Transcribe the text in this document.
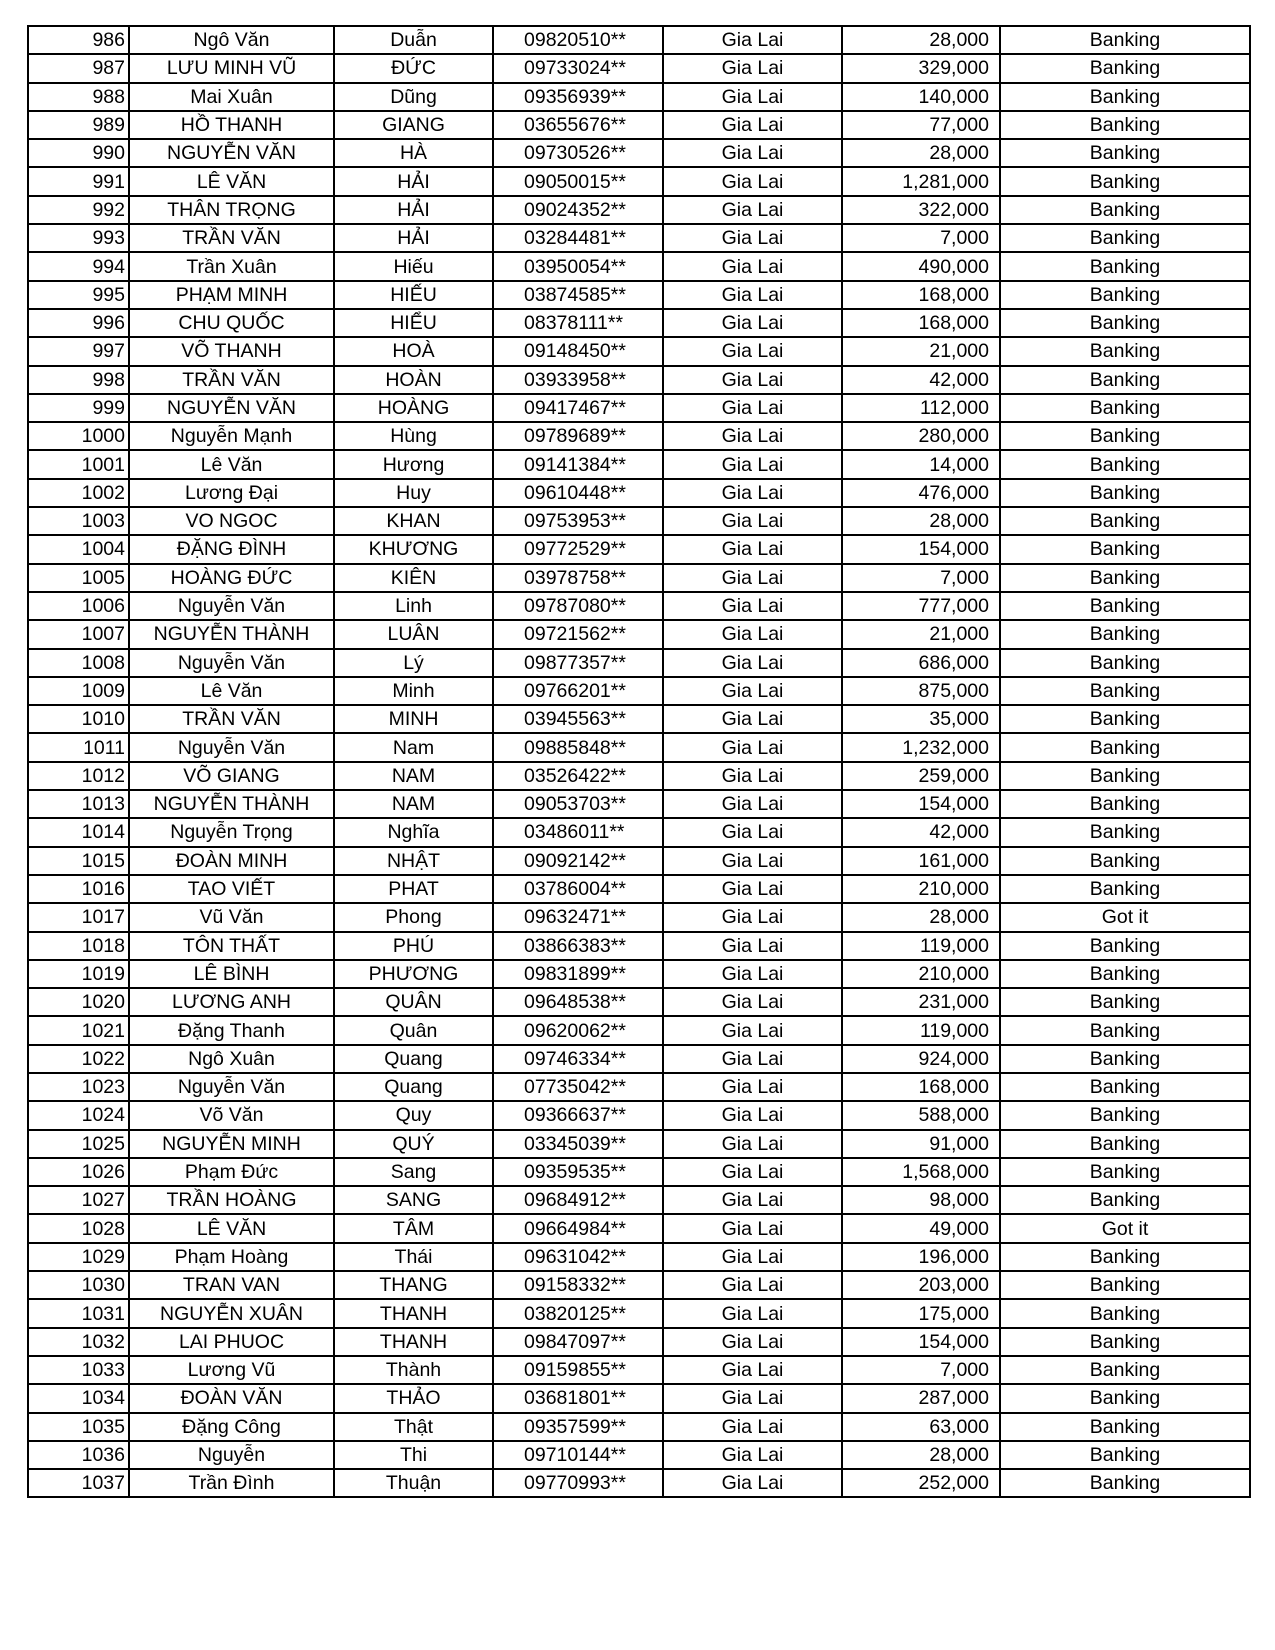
986	Ngô Văn	Duẫn	09820510**	Gia Lai	28,000	Banking
987	LƯU MINH VŨ	ĐỨC	09733024**	Gia Lai	329,000	Banking
988	Mai Xuân	Dũng	09356939**	Gia Lai	140,000	Banking
989	HỒ THANH	GIANG	03655676**	Gia Lai	77,000	Banking
990	NGUYỄN VĂN	HÀ	09730526**	Gia Lai	28,000	Banking
991	LÊ VĂN	HẢI	09050015**	Gia Lai	1,281,000	Banking
992	THÂN TRỌNG	HẢI	09024352**	Gia Lai	322,000	Banking
993	TRẦN VĂN	HẢI	03284481**	Gia Lai	7,000	Banking
994	Trần Xuân	Hiếu	03950054**	Gia Lai	490,000	Banking
995	PHẠM MINH	HIẾU	03874585**	Gia Lai	168,000	Banking
996	CHU QUỐC	HIỂU	08378111**	Gia Lai	168,000	Banking
997	VÕ THANH	HOÀ	09148450**	Gia Lai	21,000	Banking
998	TRẦN VĂN	HOÀN	03933958**	Gia Lai	42,000	Banking
999	NGUYỄN VĂN	HOÀNG	09417467**	Gia Lai	112,000	Banking
1000	Nguyễn Mạnh	Hùng	09789689**	Gia Lai	280,000	Banking
1001	Lê Văn	Hương	09141384**	Gia Lai	14,000	Banking
1002	Lương Đại	Huy	09610448**	Gia Lai	476,000	Banking
1003	VO NGOC	KHAN	09753953**	Gia Lai	28,000	Banking
1004	ĐẶNG ĐÌNH	KHƯƠNG	09772529**	Gia Lai	154,000	Banking
1005	HOÀNG ĐỨC	KIÊN	03978758**	Gia Lai	7,000	Banking
1006	Nguyễn Văn	Linh	09787080**	Gia Lai	777,000	Banking
1007	NGUYỄN THÀNH	LUÂN	09721562**	Gia Lai	21,000	Banking
1008	Nguyễn Văn	Lý	09877357**	Gia Lai	686,000	Banking
1009	Lê Văn	Minh	09766201**	Gia Lai	875,000	Banking
1010	TRẦN VĂN	MINH	03945563**	Gia Lai	35,000	Banking
1011	Nguyễn Văn	Nam	09885848**	Gia Lai	1,232,000	Banking
1012	VÕ GIANG	NAM	03526422**	Gia Lai	259,000	Banking
1013	NGUYỄN THÀNH	NAM	09053703**	Gia Lai	154,000	Banking
1014	Nguyễn Trọng	Nghĩa	03486011**	Gia Lai	42,000	Banking
1015	ĐOÀN MINH	NHẬT	09092142**	Gia Lai	161,000	Banking
1016	TAO VIẾT	PHAT	03786004**	Gia Lai	210,000	Banking
1017	Vũ Văn	Phong	09632471**	Gia Lai	28,000	Got it
1018	TÔN THẤT	PHÚ	03866383**	Gia Lai	119,000	Banking
1019	LÊ BÌNH	PHƯƠNG	09831899**	Gia Lai	210,000	Banking
1020	LƯƠNG ANH	QUÂN	09648538**	Gia Lai	231,000	Banking
1021	Đặng Thanh	Quân	09620062**	Gia Lai	119,000	Banking
1022	Ngô Xuân	Quang	09746334**	Gia Lai	924,000	Banking
1023	Nguyễn Văn	Quang	07735042**	Gia Lai	168,000	Banking
1024	Võ Văn	Quy	09366637**	Gia Lai	588,000	Banking
1025	NGUYỄN MINH	QUÝ	03345039**	Gia Lai	91,000	Banking
1026	Phạm Đức	Sang	09359535**	Gia Lai	1,568,000	Banking
1027	TRẦN HOÀNG	SANG	09684912**	Gia Lai	98,000	Banking
1028	LÊ VĂN	TÂM	09664984**	Gia Lai	49,000	Got it
1029	Phạm Hoàng	Thái	09631042**	Gia Lai	196,000	Banking
1030	TRAN VAN	THANG	09158332**	Gia Lai	203,000	Banking
1031	NGUYỄN XUÂN	THANH	03820125**	Gia Lai	175,000	Banking
1032	LAI PHUOC	THANH	09847097**	Gia Lai	154,000	Banking
1033	Lương Vũ	Thành	09159855**	Gia Lai	7,000	Banking
1034	ĐOÀN VĂN	THẢO	03681801**	Gia Lai	287,000	Banking
1035	Đặng Công	Thật	09357599**	Gia Lai	63,000	Banking
1036	Nguyễn	Thi	09710144**	Gia Lai	28,000	Banking
1037	Trần Đình	Thuận	09770993**	Gia Lai	252,000	Banking
